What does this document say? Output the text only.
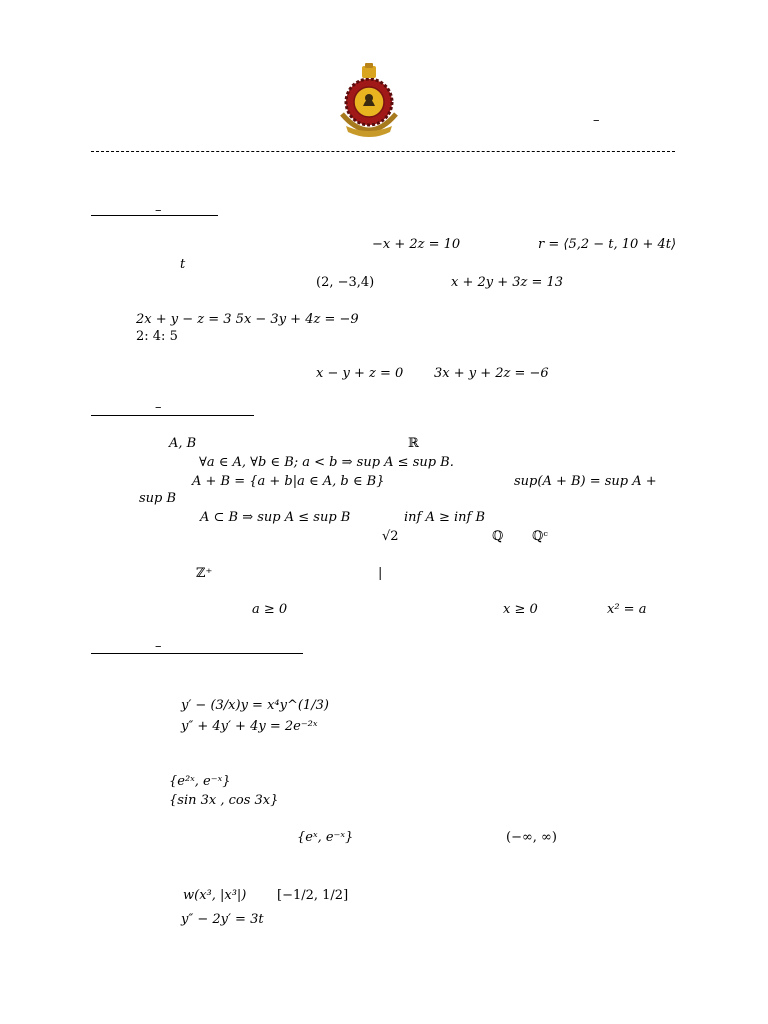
–
–
−x + 2z = 10	r = ⟨5,2 − t, 10 + 4t⟩
t
(2, −3,4)	x + 2y + 3z = 13
2x + y − z = 3 5x − 3y + 4z = −9
2: 4: 5
x − y + z = 0 3x + y + 2z = −6
–
A, B	ℝ
∀a ∈ A, ∀b ∈ B; a < b ⇒ sup A ≤ sup B.
A + B = {a + b|a ∈ A, b ∈ B}	sup(A + B) = sup A +
sup B
A ⊂ B ⇒ sup A ≤ sup B	inf A ≥ inf B
√2	ℚ ℚᶜ
ℤ⁺	|
a ≥ 0	x ≥ 0	x² = a
–
y′ − (3/x)y = x⁴y^(1/3)
y″ + 4y′ + 4y = 2e⁻²ˣ
{e²ˣ, e⁻ˣ}
{sin 3x , cos 3x}
{eˣ, e⁻ˣ}	(−∞, ∞)
w(x³, |x³|) [−1/2, 1/2]
y″ − 2y′ = 3t
